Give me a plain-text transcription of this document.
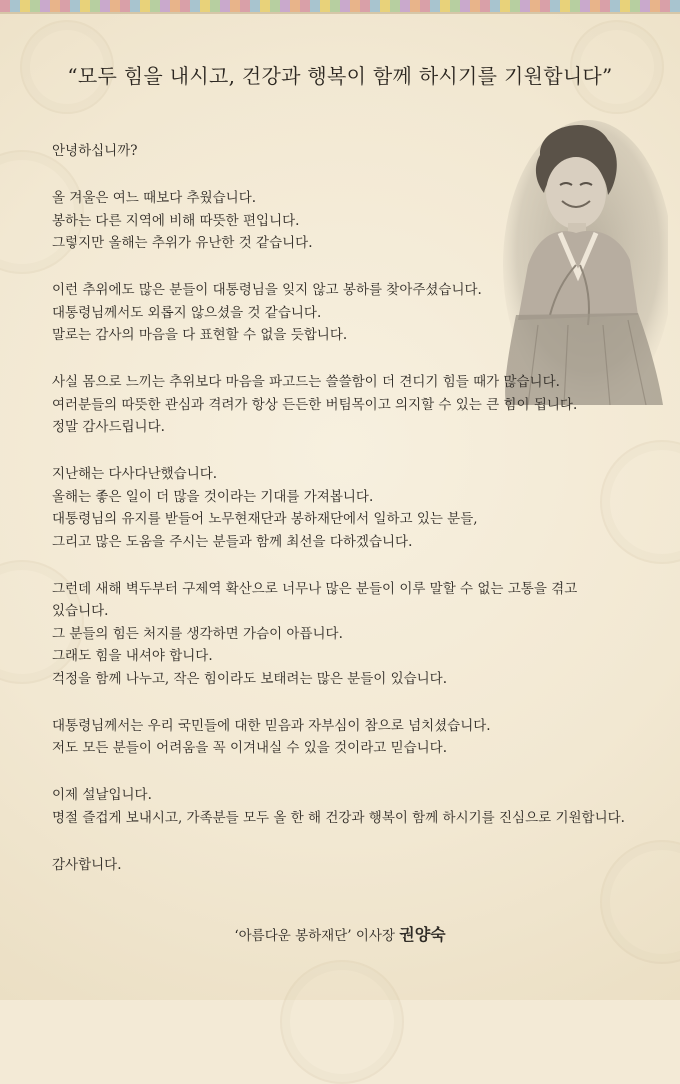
“모두 힘을 내시고, 건강과 행복이 함께 하시기를 기원합니다”
안녕하십니까?
올 겨울은 여느 때보다 추웠습니다.
봉하는 다른 지역에 비해 따뜻한 편입니다.
그렇지만 올해는 추위가 유난한 것 같습니다.
이런 추위에도 많은 분들이 대통령님을 잊지 않고 봉하를 찾아주셨습니다.
대통령님께서도 외롭지 않으셨을 것 같습니다.
말로는 감사의 마음을 다 표현할 수 없을 듯합니다.
사실 몸으로 느끼는 추위보다 마음을 파고드는 쓸쓸함이 더 견디기 힘들 때가 많습니다.
여러분들의 따뜻한 관심과 격려가 항상 든든한 버팀목이고 의지할 수 있는 큰 힘이 됩니다.
정말 감사드립니다.
지난해는 다사다난했습니다.
올해는 좋은 일이 더 많을 것이라는 기대를 가져봅니다.
대통령님의 유지를 받들어 노무현재단과 봉하재단에서 일하고 있는 분들,
그리고 많은 도움을 주시는 분들과 함께 최선을 다하겠습니다.
그런데 새해 벽두부터 구제역 확산으로 너무나 많은 분들이 이루 말할 수 없는 고통을 겪고
있습니다.
그 분들의 힘든 처지를 생각하면 가슴이 아픕니다.
그래도 힘을 내셔야 합니다.
걱정을 함께 나누고, 작은 힘이라도 보태려는 많은 분들이 있습니다.
대통령님께서는 우리 국민들에 대한 믿음과 자부심이 참으로 넘치셨습니다.
저도 모든 분들이 어려움을 꼭 이겨내실 수 있을 것이라고 믿습니다.
이제 설날입니다.
명절 즐겁게 보내시고, 가족분들 모두 올 한 해 건강과 행복이 함께 하시기를 진심으로 기원합니다.
감사합니다.
‘아름다운 봉하재단’ 이사장 권양숙
